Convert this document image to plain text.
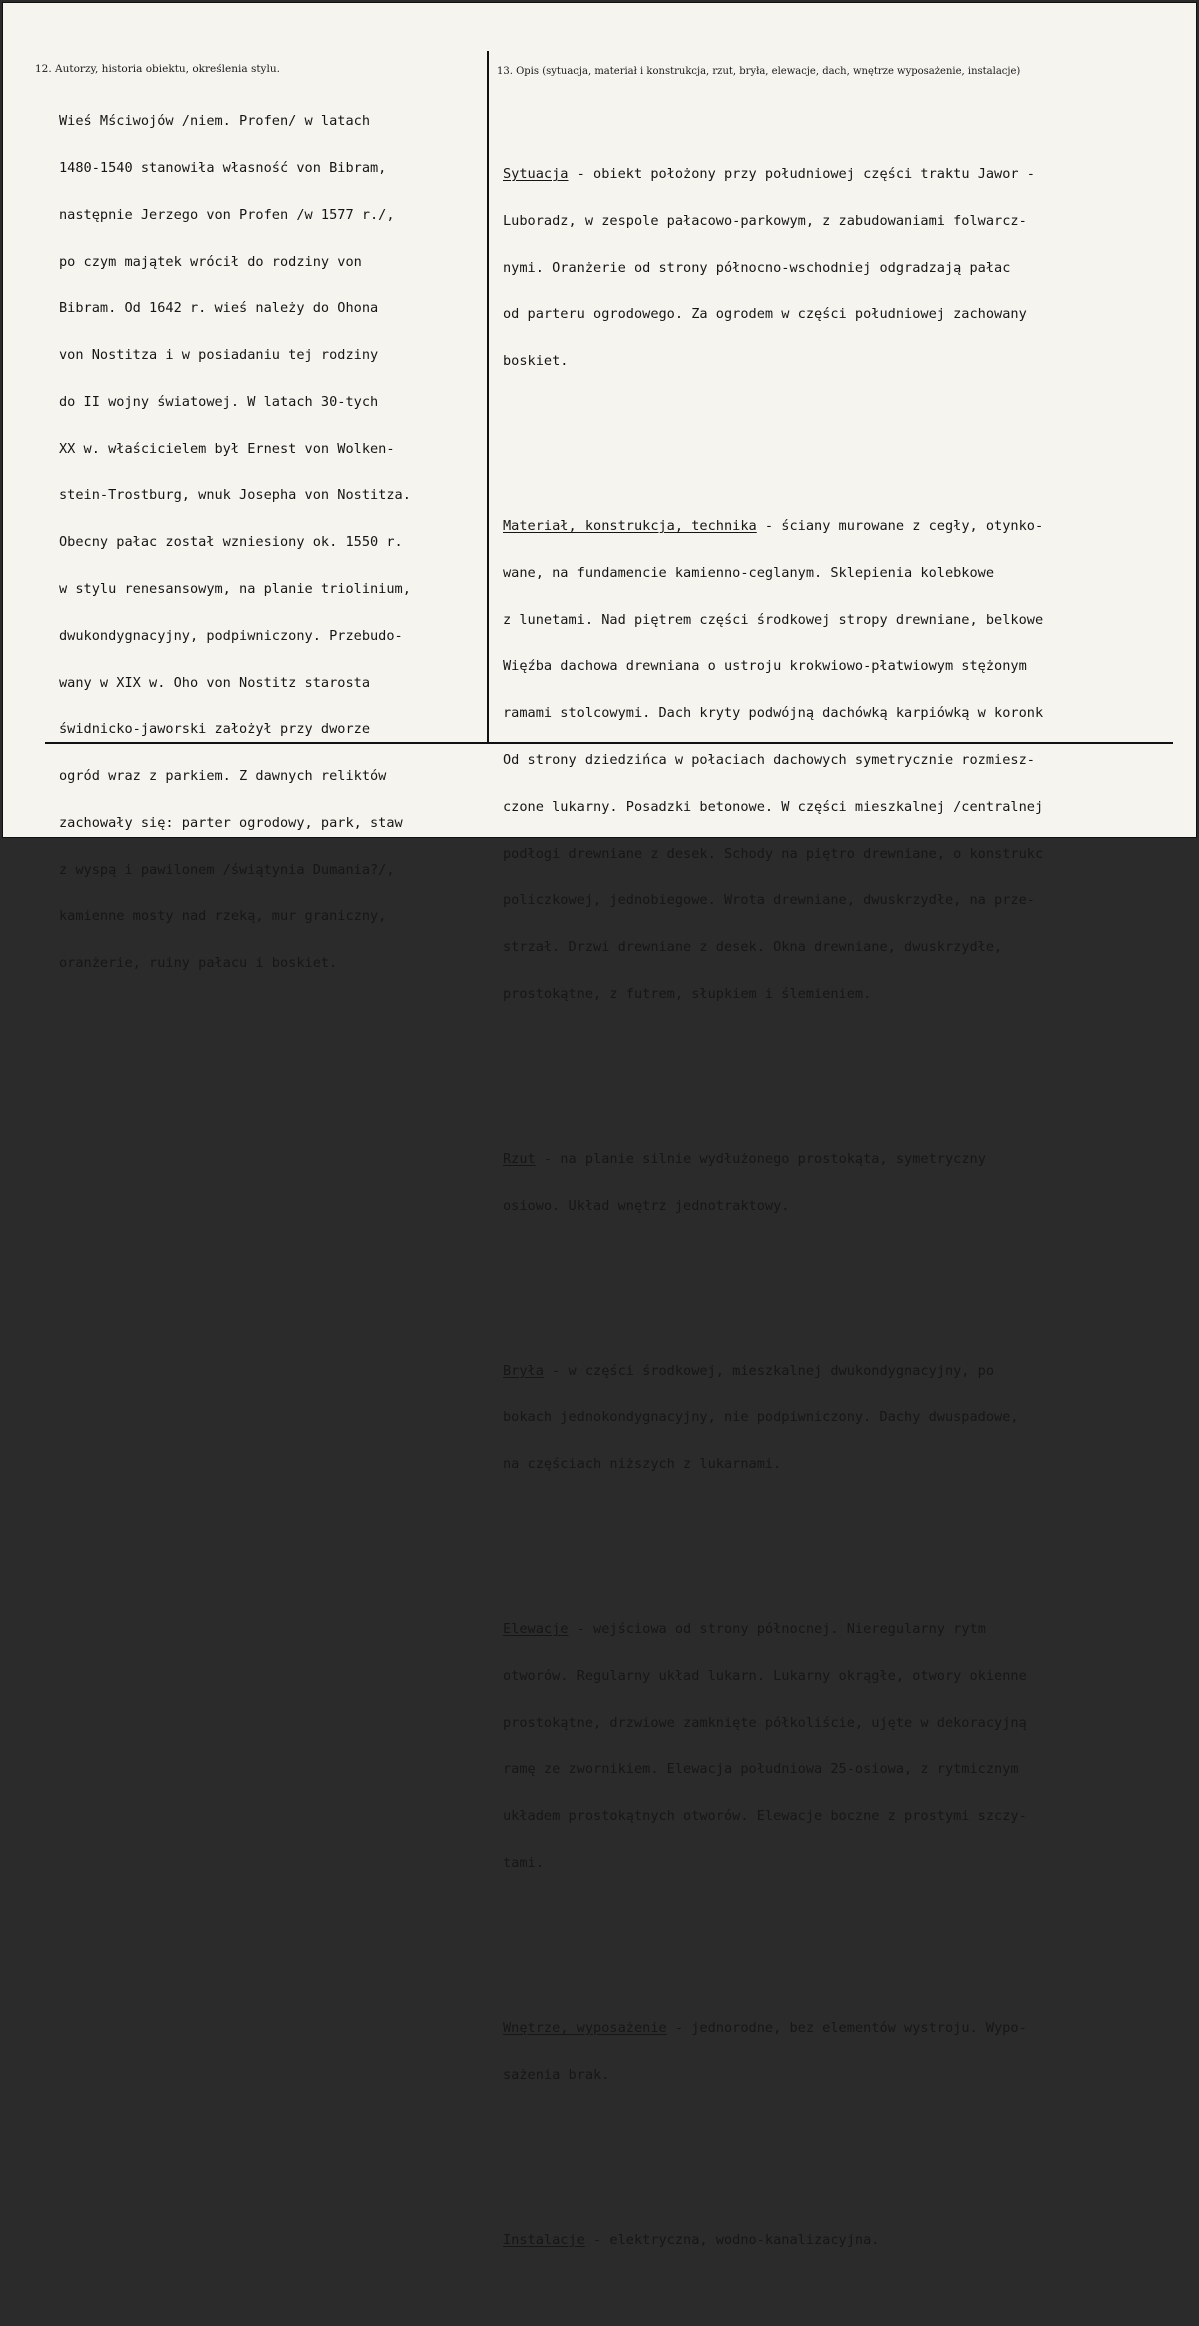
12. Autorzy, historia obiektu, określenia stylu.	13. Opis (sytuacja, materiał i konstrukcja, rzut, bryła, elewacje, dach, wnętrze wyposażenie, instalacje)

Wieś Mściwojów /niem. Profen/ w latach

1480-1540 stanowiła własność von Bibram,

następnie Jerzego von Profen /w 1577 r./,

po czym majątek wrócił do rodziny von

Bibram. Od 1642 r. wieś należy do Ohona

von Nostitza i w posiadaniu tej rodziny

do II wojny światowej. W latach 30-tych

XX w. właścicielem był Ernest von Wolken-

stein-Trostburg, wnuk Josepha von Nostitza.

Obecny pałac został wzniesiony ok. 1550 r.

w stylu renesansowym, na planie triolinium,

dwukondygnacyjny, podpiwniczony. Przebudo-

wany w XIX w. Oho von Nostitz starosta

świdnicko-jaworski założył przy dworze

ogród wraz z parkiem. Z dawnych reliktów

zachowały się: parter ogrodowy, park, staw

z wyspą i pawilonem /świątynia Dumania?/,

kamienne mosty nad rzeką, mur graniczny,

oranżerie, ruiny pałacu i boskiet.

Sytuacja - obiekt położony przy południowej części traktu Jawor -

Luboradz, w zespole pałacowo-parkowym, z zabudowaniami folwarcz-

nymi. Oranżerie od strony północno-wschodniej odgradzają pałac

od parteru ogrodowego. Za ogrodem w części południowej zachowany

boskiet.

Materiał, konstrukcja, technika - ściany murowane z cegły, otynko-

wane, na fundamencie kamienno-ceglanym. Sklepienia kolebkowe

z lunetami. Nad piętrem części środkowej stropy drewniane, belkowe

Więźba dachowa drewniana o ustroju krokwiowo-płatwiowym stężonym

ramami stolcowymi. Dach kryty podwójną dachówką karpiówką w koronk

Od strony dziedzińca w połaciach dachowych symetrycznie rozmiesz-

czone lukarny. Posadzki betonowe. W części mieszkalnej /centralnej

podłogi drewniane z desek. Schody na piętro drewniane, o konstrukc

policzkowej, jednobiegowe. Wrota drewniane, dwuskrzydłe, na prze-

strzał. Drzwi drewniane z desek. Okna drewniane, dwuskrzydłe,

prostokątne, z futrem, słupkiem i ślemieniem.

Rzut - na planie silnie wydłużonego prostokąta, symetryczny

osiowo. Układ wnętrz jednotraktowy.

Bryła - w części środkowej, mieszkalnej dwukondygnacyjny, po

bokach jednokondygnacyjny, nie podpiwniczony. Dachy dwuspadowe,

na częściach niższych z lukarnami.

Elewacje - wejściowa od strony północnej. Nieregularny rytm

otworów. Regularny układ lukarn. Lukarny okrągłe, otwory okienne

prostokątne, drzwiowe zamknięte półkoliście, ujęte w dekoracyjną

ramę ze zwornikiem. Elewacja południowa 25-osiowa, z rytmicznym

układem prostokątnych otworów. Elewacje boczne z prostymi szczy-

tami.

Wnętrze, wyposażenie - jednorodne, bez elementów wystroju. Wypo-

sażenia brak.

Instalacje - elektryczna, wodno-kanalizacyjna.
